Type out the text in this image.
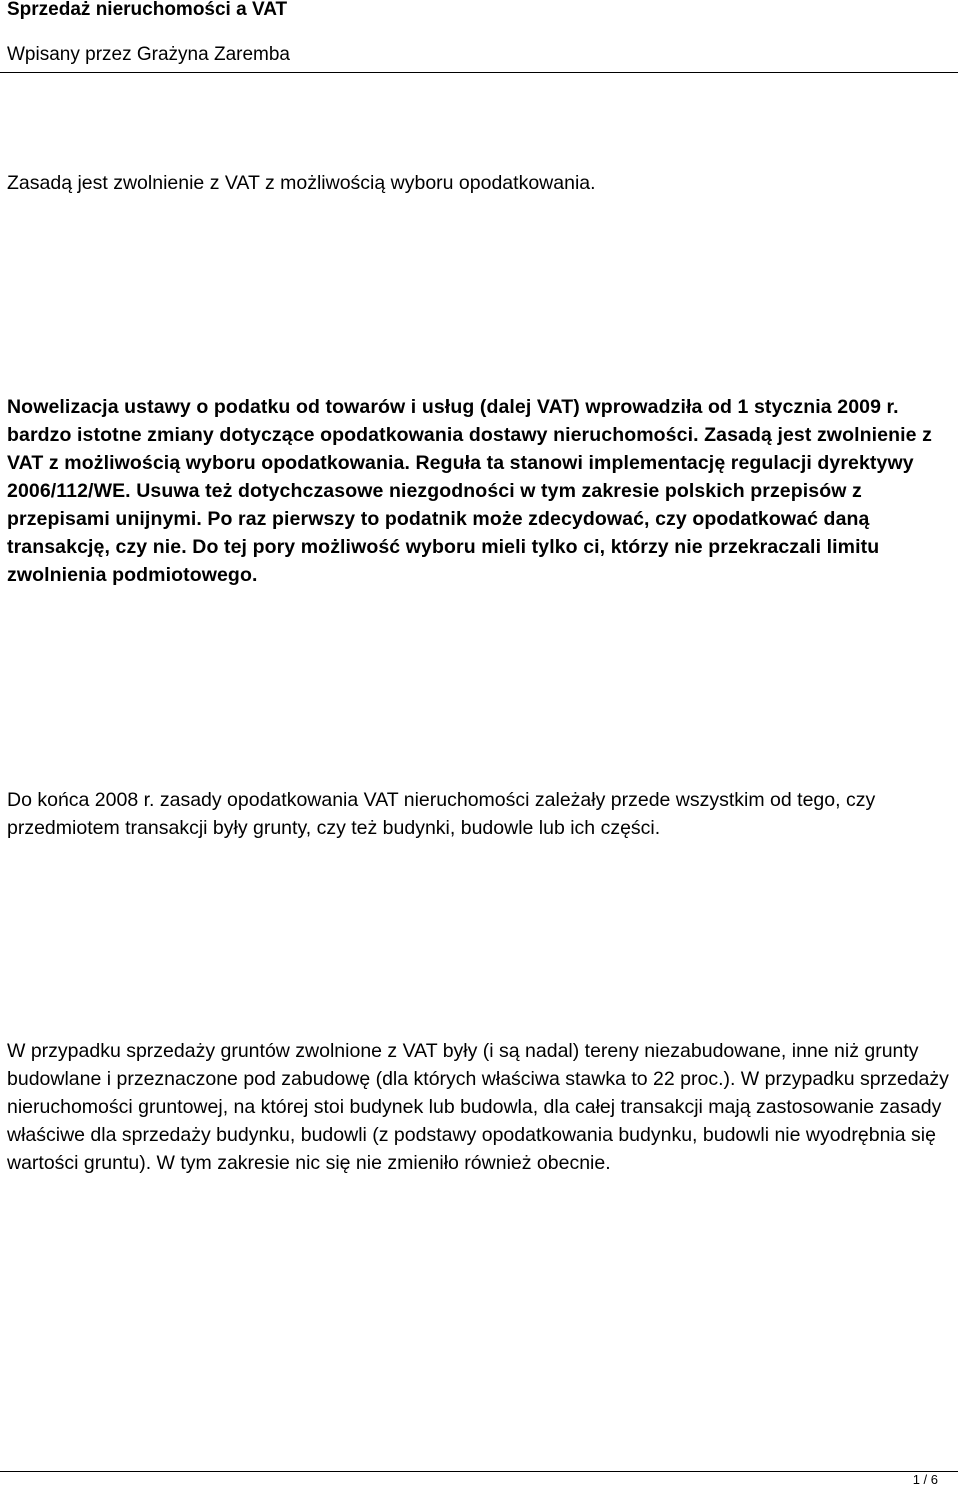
Sprzedaż nieruchomości a VAT

Wpisany przez Grażyna Zaremba

Zasadą jest zwolnienie z VAT z możliwością wyboru opodatkowania.

Nowelizacja ustawy o podatku od towarów i usług (dalej VAT) wprowadziła od 1 stycznia 2009 r. bardzo istotne zmiany dotyczące opodatkowania dostawy nieruchomości. Zasadą jest zwolnienie z VAT z możliwością wyboru opodatkowania. Reguła ta stanowi implementację regulacji dyrektywy 2006/112/WE. Usuwa też dotychczasowe niezgodności w tym zakresie polskich przepisów z przepisami unijnymi. Po raz pierwszy to podatnik może zdecydować, czy opodatkować daną transakcję, czy nie. Do tej pory możliwość wyboru mieli tylko ci, którzy nie przekraczali limitu zwolnienia podmiotowego.

Do końca 2008 r. zasady opodatkowania VAT nieruchomości zależały przede wszystkim od tego, czy przedmiotem transakcji były grunty, czy też budynki, budowle lub ich części.

W przypadku sprzedaży gruntów zwolnione z VAT były (i są nadal) tereny niezabudowane, inne niż grunty budowlane i przeznaczone pod zabudowę (dla których właściwa stawka to 22 proc.). W przypadku sprzedaży nieruchomości gruntowej, na której stoi budynek lub budowla, dla całej transakcji mają zastosowanie zasady właściwe dla sprzedaży budynku, budowli (z podstawy opodatkowania budynku, budowli nie wyodrębnia się wartości gruntu). W tym zakresie nic się nie zmieniło również obecnie.

1 / 6
